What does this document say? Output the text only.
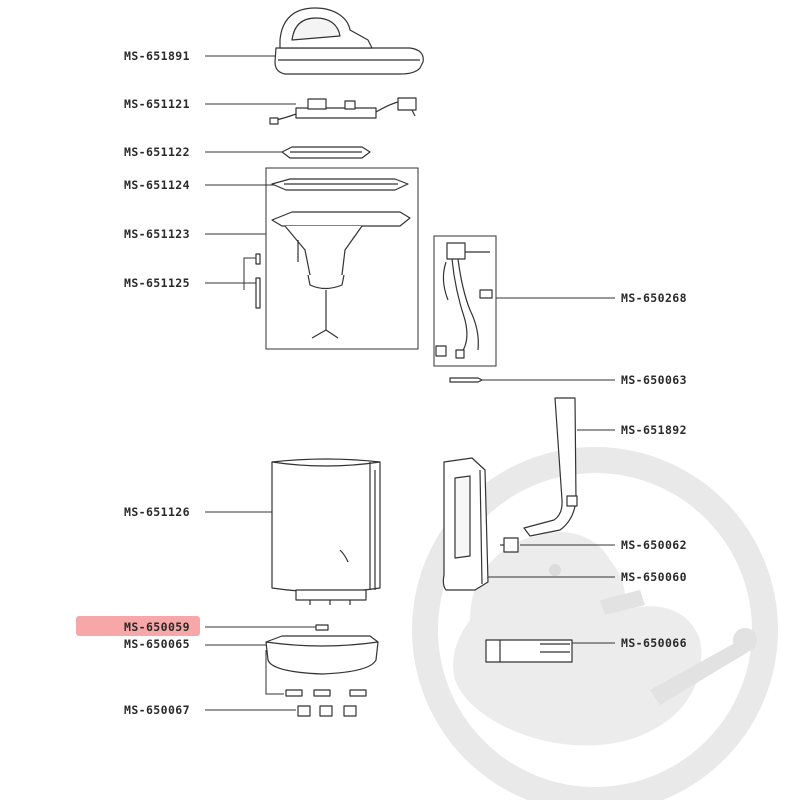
MS-651891
MS-651121
MS-651122
MS-651124
MS-651123
MS-651125
MS-650268
MS-650063
MS-651892
MS-651126
MS-650062
MS-650060
MS-650059
MS-650065	MS-650066
MS-650067
